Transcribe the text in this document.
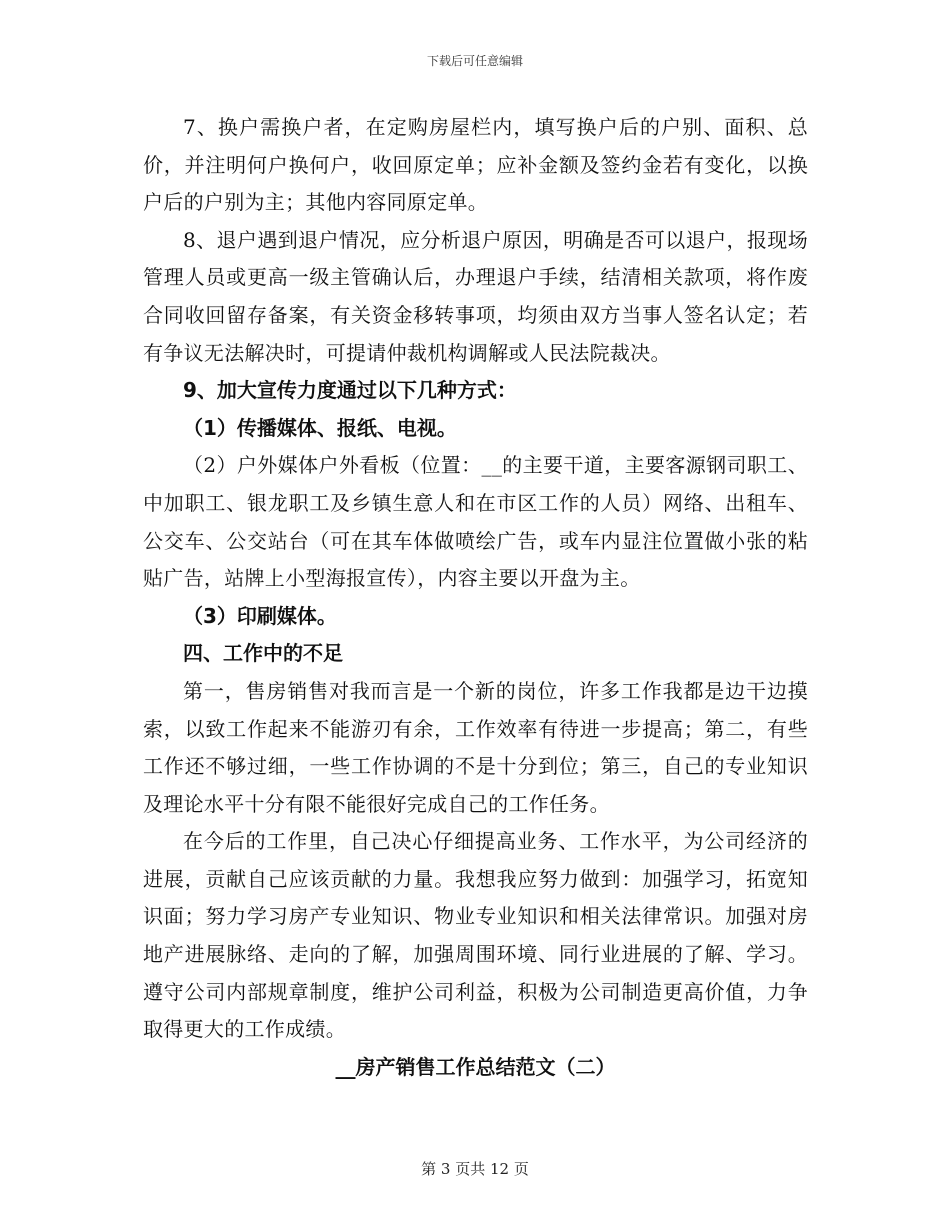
下载后可任意编辑

7、换户需换户者，在定购房屋栏内，填写换户后的户别、面积、总价，并注明何户换何户，收回原定单；应补金额及签约金若有变化，以换户后的户别为主；其他内容同原定单。

8、退户遇到退户情况，应分析退户原因，明确是否可以退户，报现场管理人员或更高一级主管确认后，办理退户手续，结清相关款项，将作废合同收回留存备案，有关资金移转事项，均须由双方当事人签名认定；若有争议无法解决时，可提请仲裁机构调解或人民法院裁决。

9、加大宣传力度通过以下几种方式：

（1）传播媒体、报纸、电视。

（2）户外媒体户外看板（位置：__的主要干道，主要客源钢司职工、中加职工、银龙职工及乡镇生意人和在市区工作的人员）网络、出租车、公交车、公交站台（可在其车体做喷绘广告，或车内显注位置做小张的粘贴广告，站牌上小型海报宣传），内容主要以开盘为主。

（3）印刷媒体。

四、工作中的不足

第一，售房销售对我而言是一个新的岗位，许多工作我都是边干边摸索，以致工作起来不能游刃有余，工作效率有待进一步提高；第二，有些工作还不够过细，一些工作协调的不是十分到位；第三，自己的专业知识及理论水平十分有限不能很好完成自己的工作任务。

在今后的工作里，自己决心仔细提高业务、工作水平，为公司经济的进展，贡献自己应该贡献的力量。我想我应努力做到：加强学习，拓宽知识面；努力学习房产专业知识、物业专业知识和相关法律常识。加强对房地产进展脉络、走向的了解，加强周围环境、同行业进展的了解、学习。遵守公司内部规章制度，维护公司利益，积极为公司制造更高价值，力争取得更大的工作成绩。

__房产销售工作总结范文（二）

第 3 页共 12 页
